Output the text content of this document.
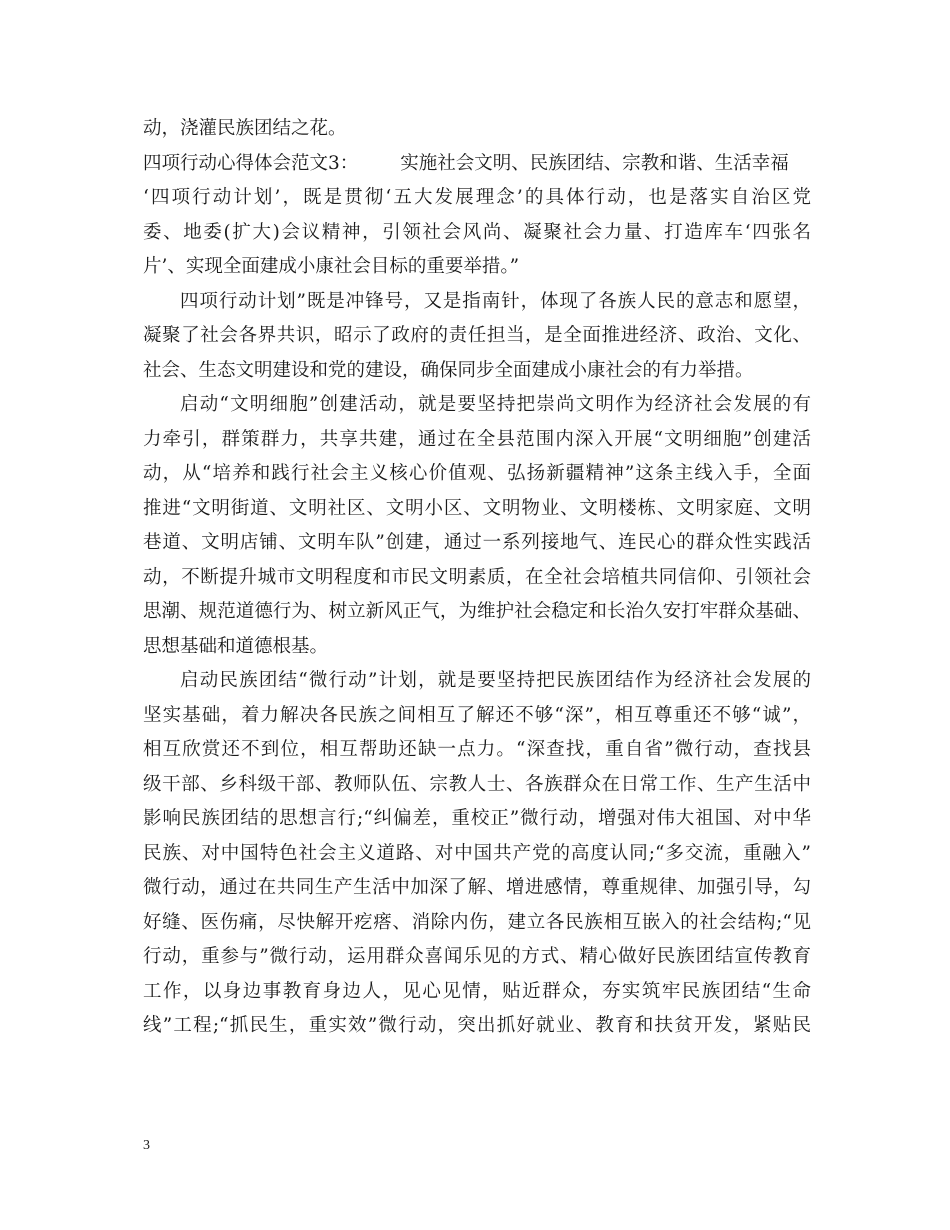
动，浇灌民族团结之花。
四项行动心得体会范文3： 实施社会文明、民族团结、宗教和谐、生活幸福
‘四项行动计划’，既是贯彻‘五大发展理念’的具体行动，也是落实自治区党
委、地委(扩大)会议精神，引领社会风尚、凝聚社会力量、打造库车‘四张名
片’、实现全面建成小康社会目标的重要举措。”
四项行动计划”既是冲锋号，又是指南针，体现了各族人民的意志和愿望，
凝聚了社会各界共识，昭示了政府的责任担当，是全面推进经济、政治、文化、
社会、生态文明建设和党的建设，确保同步全面建成小康社会的有力举措。
启动“文明细胞”创建活动，就是要坚持把崇尚文明作为经济社会发展的有
力牵引，群策群力，共享共建，通过在全县范围内深入开展“文明细胞”创建活
动，从“培养和践行社会主义核心价值观、弘扬新疆精神”这条主线入手，全面
推进“文明街道、文明社区、文明小区、文明物业、文明楼栋、文明家庭、文明
巷道、文明店铺、文明车队”创建，通过一系列接地气、连民心的群众性实践活
动，不断提升城市文明程度和市民文明素质，在全社会培植共同信仰、引领社会
思潮、规范道德行为、树立新风正气，为维护社会稳定和长治久安打牢群众基础、
思想基础和道德根基。
启动民族团结“微行动”计划，就是要坚持把民族团结作为经济社会发展的
坚实基础，着力解决各民族之间相互了解还不够“深”，相互尊重还不够“诚”，
相互欣赏还不到位，相互帮助还缺一点力。“深查找，重自省”微行动，查找县
级干部、乡科级干部、教师队伍、宗教人士、各族群众在日常工作、生产生活中
影响民族团结的思想言行;“纠偏差，重校正”微行动，增强对伟大祖国、对中华
民族、对中国特色社会主义道路、对中国共产党的高度认同;“多交流，重融入”
微行动，通过在共同生产生活中加深了解、增进感情，尊重规律、加强引导，勾
好缝、医伤痛，尽快解开疙瘩、消除内伤，建立各民族相互嵌入的社会结构;“见
行动，重参与”微行动，运用群众喜闻乐见的方式、精心做好民族团结宣传教育
工作，以身边事教育身边人，见心见情，贴近群众，夯实筑牢民族团结“生命
线”工程;“抓民生，重实效”微行动，突出抓好就业、教育和扶贫开发，紧贴民
3
